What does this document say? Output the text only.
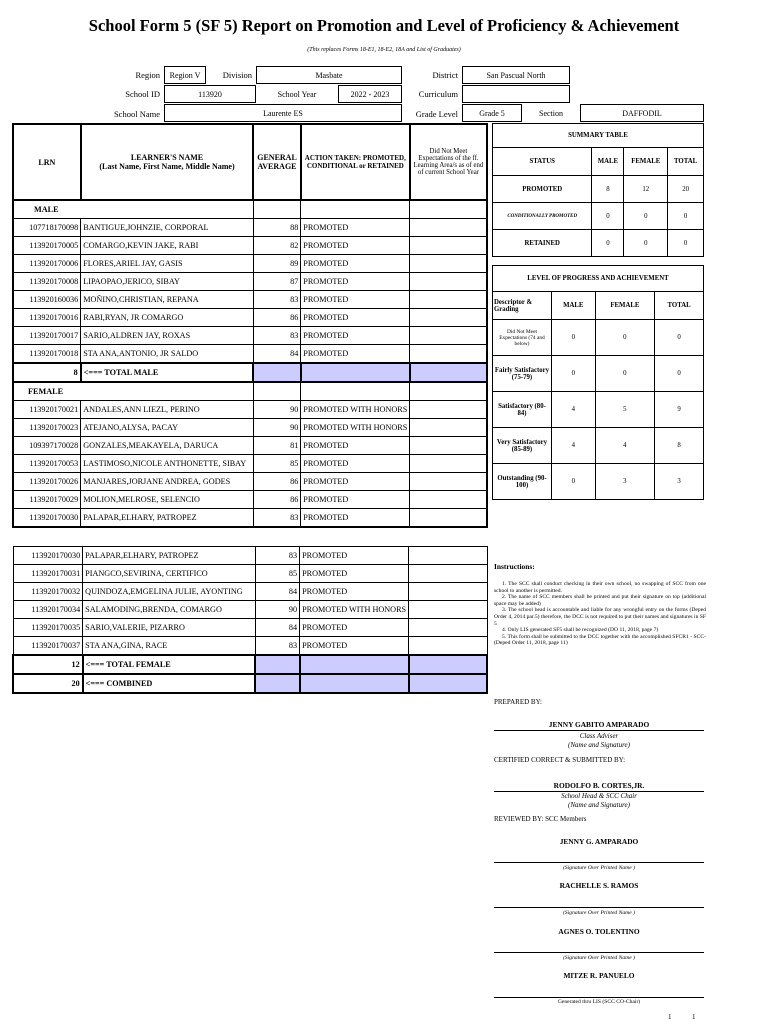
School Form 5 (SF 5) Report on Promotion and Level of Proficiency & Achievement
(This replaces Forms 18-E1, 18-E2, 18A and List of Graduates)
Region	Region V	Division	Masbate	District	San Pascual North
School ID	113920	School Year	2022 - 2023	Curriculum
School Name	Laurente ES	Grade Level	Grade 5	Section	DAFFODIL
LRN	LEARNER'S NAME
(Last Name, First Name, Middle Name)	GENERAL AVERAGE	ACTION TAKEN: PROMOTED, CONDITIONAL or RETAINED	Did Not Meet Expectations of the ff. Learning Area/s as of end of current School Year
MALE				
107718170098	BANTIGUE,JOHNZIE, CORPORAL	88	PROMOTED	
113920170005	COMARGO,KEVIN JAKE, RABI	82	PROMOTED	
113920170006	FLORES,ARIEL JAY, GASIS	89	PROMOTED	
113920170008	LIPAOPAO,JERICO, SIBAY	87	PROMOTED	
113920160036	MOÑINO,CHRISTIAN, REPANA	83	PROMOTED	
113920170016	RABI,RYAN, JR COMARGO	86	PROMOTED	
113920170017	SARIO,ALDREN JAY, ROXAS	83	PROMOTED	
113920170018	STA ANA,ANTONIO, JR SALDO	84	PROMOTED	
8	<=== TOTAL MALE			
FEMALE				
113920170021	ANDALES,ANN LIEZL, PERINO	90	PROMOTED WITH HONORS	
113920170023	ATEJANO,ALYSA, PACAY	90	PROMOTED WITH HONORS	
109397170028	GONZALES,MEAKAYELA, DARUCA	81	PROMOTED	
113920170053	LASTIMOSO,NICOLE ANTHONETTE, SIBAY	85	PROMOTED	
113920170026	MANJARES,JORJANE ANDREA, GODES	86	PROMOTED	
113920170029	MOLION,MELROSE, SELENCIO	86	PROMOTED	
113920170030	PALAPAR,ELHARY, PATROPEZ	83	PROMOTED	
113920170030	PALAPAR,ELHARY, PATROPEZ	83	PROMOTED	
113920170031	PIANGCO,SEVIRINA, CERTIFICO	85	PROMOTED	
113920170032	QUINDOZA,EMGELINA JULIE, AYONTING	84	PROMOTED	
113920170034	SALAMODING,BRENDA, COMARGO	90	PROMOTED WITH HONORS	
113920170035	SARIO,VALERIE, PIZARRO	84	PROMOTED	
113920170037	STA ANA,GINA, RACE	83	PROMOTED	
12	<=== TOTAL FEMALE			
20	<=== COMBINED			
SUMMARY TABLE			
STATUS	MALE	FEMALE	TOTAL
PROMOTED	8	12	20
CONDITIONALLY PROMOTED	0	0	0
RETAINED	0	0	0
LEVEL OF PROGRESS AND ACHIEVEMENT			
Descriptor & Grading	MALE	FEMALE	TOTAL
Did Not Meet Expectations (74 and below)	0	0	0
Fairly Satisfactory (75-79)	0	0	0
Satisfactory (80-84)	4	5	9
Very Satisfactory (85-89)	4	4	8
Outstanding (90-100)	0	3	3
Instructions:
1. The SCC shall conduct checking in their own school, no swapping of SCC from one school to another is permitted.
2. The name of SCC members shall be printed and put their signature on top (additional space may be added)
3. The school head is accountable and liable for any wrongful entry on the forms (Deped Order 4, 2014 par.5) therefore, the DCC is not required to put their names and signatures in SF 5
4. Only LIS generated SF5 shall be recognized (DO 11, 2018, page 7)
5. This form shall be submitted to the DCC together with the accomplished SFCR1 - SCC- (Deped Order 11, 2018, page 11)
PREPARED BY:
JENNY GABITO AMPARADO
Class Adviser
(Name and Signature)
CERTIFIED CORRECT & SUBMITTED BY:
RODOLFO B. CORTES,JR.
School Head & SCC Chair
(Name and Signature)
REVIEWED BY: SCC Members
JENNY G. AMPARADO
(Signature Over Printed Name )
RACHELLE S. RAMOS
(Signature Over Printed Name )
AGNES O. TOLENTINO
(Signature Over Printed Name )
MITZE R. PANUELO
Generated thru LIS (SCC CO-Chair)
1	1
